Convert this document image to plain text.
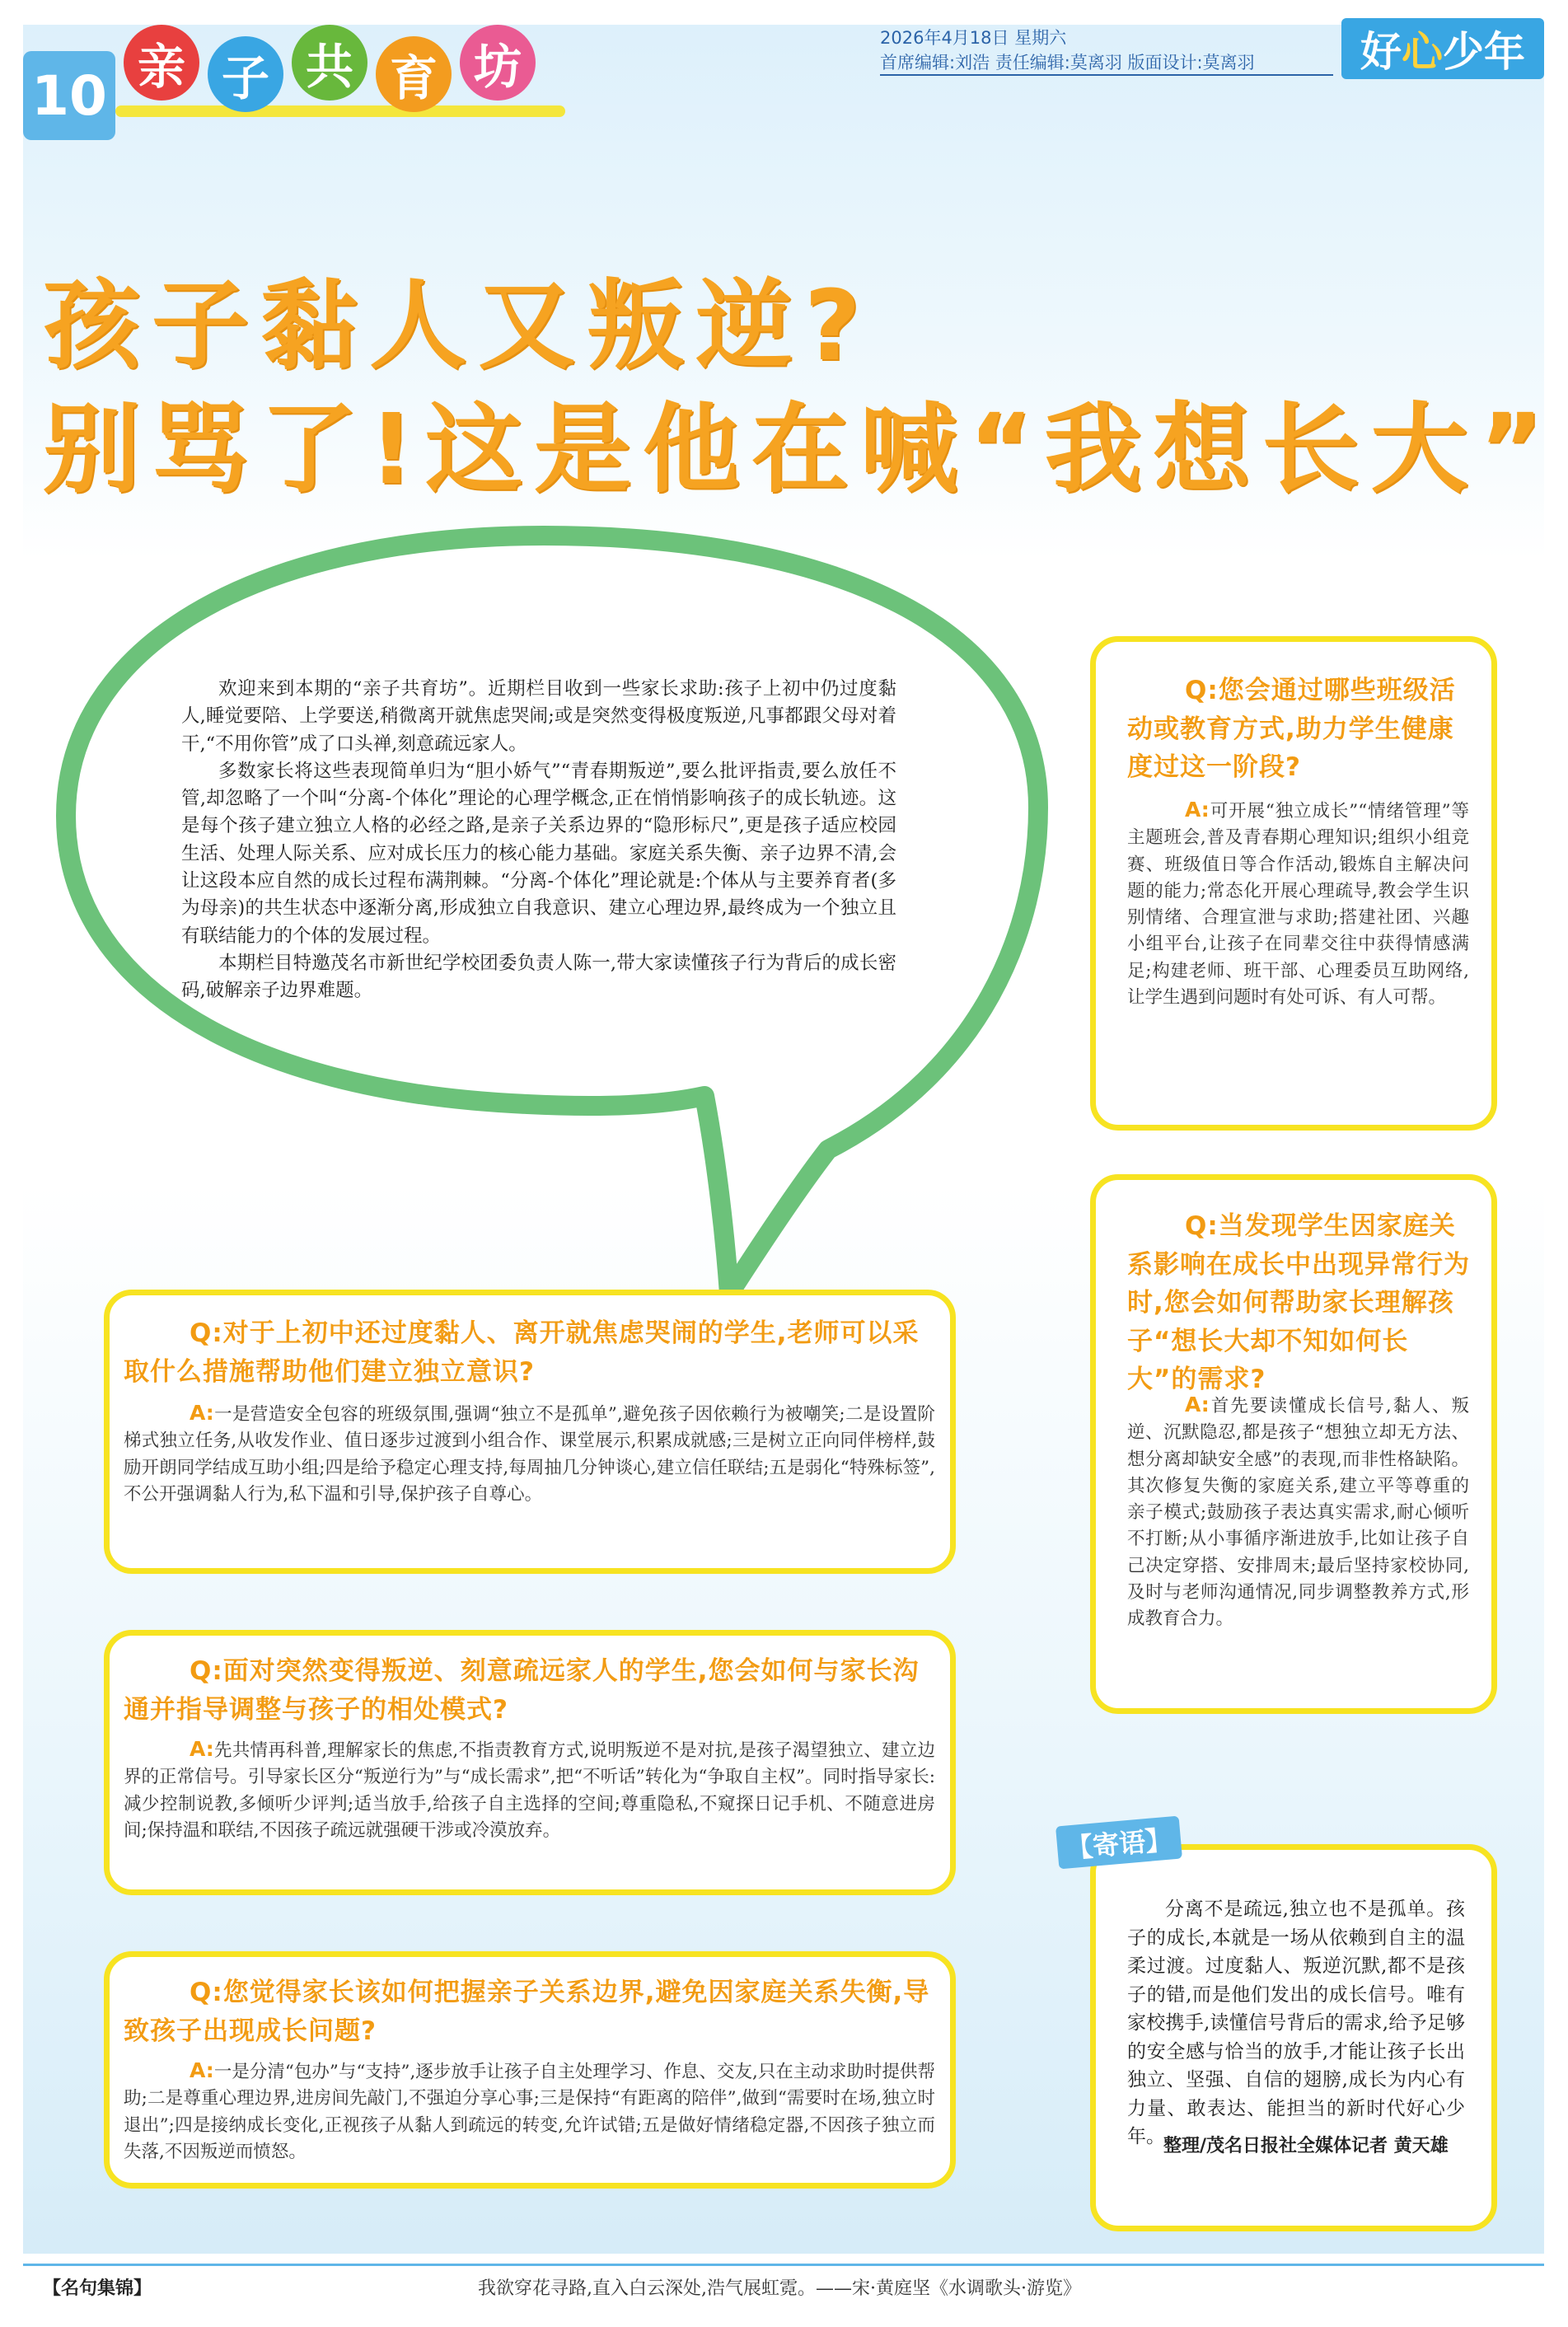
10 亲 子 共 育 坊
2026年4月18日 星期六
首席编辑:刘浩 责任编辑:莫离羽 版面设计:莫离羽	好 心 少年
孩子黏人又叛逆?
别骂了!这是他在喊“我想长大”

欢迎来到本期的“亲子共育坊”。近期栏目收到一些家长求助:孩子上初中仍过度黏人,睡觉要陪、上学要送,稍微离开就焦虑哭闹;或是突然变得极度叛逆,凡事都跟父母对着干,“不用你管”成了口头禅,刻意疏远家人。

多数家长将这些表现简单归为“胆小娇气”“青春期叛逆”,要么批评指责,要么放任不管,却忽略了一个叫“分离-个体化”理论的心理学概念,正在悄悄影响孩子的成长轨迹。这是每个孩子建立独立人格的必经之路,是亲子关系边界的“隐形标尺”,更是孩子适应校园生活、处理人际关系、应对成长压力的核心能力基础。家庭关系失衡、亲子边界不清,会让这段本应自然的成长过程布满荆棘。“分离-个体化”理论就是:个体从与主要养育者(多为母亲)的共生状态中逐渐分离,形成独立自我意识、建立心理边界,最终成为一个独立且有联结能力的个体的发展过程。

本期栏目特邀茂名市新世纪学校团委负责人陈一,带大家读懂孩子行为背后的成长密码,破解亲子边界难题。

Q:对于上初中还过度黏人、离开就焦虑哭闹的学生,老师可以采取什么措施帮助他们建立独立意识?
A:一是营造安全包容的班级氛围,强调“独立不是孤单”,避免孩子因依赖行为被嘲笑;二是设置阶梯式独立任务,从收发作业、值日逐步过渡到小组合作、课堂展示,积累成就感;三是树立正向同伴榜样,鼓励开朗同学结成互助小组;四是给予稳定心理支持,每周抽几分钟谈心,建立信任联结;五是弱化“特殊标签”,不公开强调黏人行为,私下温和引导,保护孩子自尊心。
Q:面对突然变得叛逆、刻意疏远家人的学生,您会如何与家长沟通并指导调整与孩子的相处模式?
A:先共情再科普,理解家长的焦虑,不指责教育方式,说明叛逆不是对抗,是孩子渴望独立、建立边界的正常信号。引导家长区分“叛逆行为”与“成长需求”,把“不听话”转化为“争取自主权”。同时指导家长:减少控制说教,多倾听少评判;适当放手,给孩子自主选择的空间;尊重隐私,不窥探日记手机、不随意进房间;保持温和联结,不因孩子疏远就强硬干涉或冷漠放弃。
Q:您觉得家长该如何把握亲子关系边界,避免因家庭关系失衡,导致孩子出现成长问题?
A:一是分清“包办”与“支持”,逐步放手让孩子自主处理学习、作息、交友,只在主动求助时提供帮助;二是尊重心理边界,进房间先敲门,不强迫分享心事;三是保持“有距离的陪伴”,做到“需要时在场,独立时退出”;四是接纳成长变化,正视孩子从黏人到疏远的转变,允许试错;五是做好情绪稳定器,不因孩子独立而失落,不因叛逆而愤怒。
Q:您会通过哪些班级活动或教育方式,助力学生健康度过这一阶段?
A:可开展“独立成长”“情绪管理”等主题班会,普及青春期心理知识;组织小组竞赛、班级值日等合作活动,锻炼自主解决问题的能力;常态化开展心理疏导,教会学生识别情绪、合理宣泄与求助;搭建社团、兴趣小组平台,让孩子在同辈交往中获得情感满足;构建老师、班干部、心理委员互助网络,让学生遇到问题时有处可诉、有人可帮。
Q:当发现学生因家庭关系影响在成长中出现异常行为时,您会如何帮助家长理解孩子“想长大却不知如何长大”的需求?
A:首先要读懂成长信号,黏人、叛逆、沉默隐忍,都是孩子“想独立却无方法、想分离却缺安全感”的表现,而非性格缺陷。其次修复失衡的家庭关系,建立平等尊重的亲子模式;鼓励孩子表达真实需求,耐心倾听不打断;从小事循序渐进放手,比如让孩子自己决定穿搭、安排周末;最后坚持家校协同,及时与老师沟通情况,同步调整教养方式,形成教育合力。
【寄语】

分离不是疏远,独立也不是孤单。孩子的成长,本就是一场从依赖到自主的温柔过渡。过度黏人、叛逆沉默,都不是孩子的错,而是他们发出的成长信号。唯有家校携手,读懂信号背后的需求,给予足够的安全感与恰当的放手,才能让孩子长出独立、坚强、自信的翅膀,成长为内心有力量、敢表达、能担当的新时代好心少年。

整理/茂名日报社全媒体记者 黄天雄
【名句集锦】	我欲穿花寻路,直入白云深处,浩气展虹霓。——宋·黄庭坚《水调歌头·游览》
